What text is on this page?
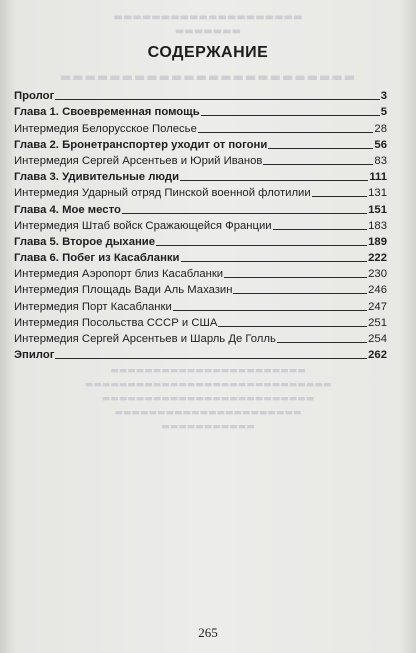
▬▬▬▬▬▬▬▬▬▬▬▬▬▬▬▬▬▬▬▬
▬▬▬▬▬▬▬
▬▬▬▬▬▬▬▬▬▬▬▬▬▬▬▬▬▬▬▬▬▬▬▬
▬▬▬▬▬▬▬▬▬▬▬▬▬▬▬▬▬▬▬▬▬▬▬
▬▬▬▬▬▬▬▬▬▬▬▬▬▬▬▬▬▬▬▬▬▬▬▬▬▬▬▬▬
▬▬▬▬▬▬▬▬▬▬▬▬▬▬▬▬▬▬▬▬▬▬▬▬▬
▬▬▬▬▬▬▬▬▬▬▬▬▬▬▬▬▬▬▬▬▬▬
▬▬▬▬▬▬▬▬▬▬▬
СОДЕРЖАНИЕ
Пролог	3
Глава 1. Своевременная помощь	5
Интермедия Белорусское Полесье	28
Глава 2. Бронетранспортер уходит от погони	56
Интермедия Сергей Арсентьев и Юрий Иванов	83
Глава 3. Удивительные люди	111
Интермедия Ударный отряд Пинской военной флотилии	131
Глава 4. Мое место	151
Интермедия Штаб войск Сражающейся Франции	183
Глава 5. Второе дыхание	189
Глава 6. Побег из Касабланки	222
Интермедия Аэропорт близ Касабланки	230
Интермедия Площадь Вади Аль Махазин	246
Интермедия Порт Касабланки	247
Интермедия Посольства СССР и США	251
Интермедия Сергей Арсентьев и Шарль Де Голль	254
Эпилог	262
265
